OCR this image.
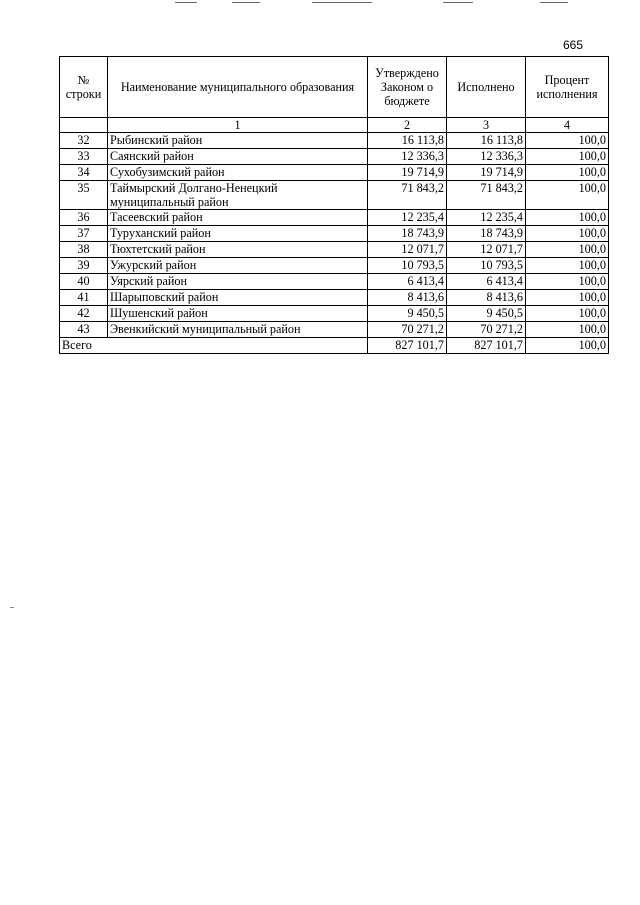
665
№ строки	Наименование муниципального образования	Утверждено Законом о бюджете	Исполнено	Процент исполнения
	1	2	3	4
32	Рыбинский район	16 113,8	16 113,8	100,0
33	Саянский район	12 336,3	12 336,3	100,0
34	Сухобузимский район	19 714,9	19 714,9	100,0
35	Таймырский Долгано-Ненецкий муниципальный район	71 843,2	71 843,2	100,0
36	Тасеевский район	12 235,4	12 235,4	100,0
37	Туруханский район	18 743,9	18 743,9	100,0
38	Тюхтетский район	12 071,7	12 071,7	100,0
39	Ужурский район	10 793,5	10 793,5	100,0
40	Уярский район	6 413,4	6 413,4	100,0
41	Шарыповский район	8 413,6	8 413,6	100,0
42	Шушенский район	9 450,5	9 450,5	100,0
43	Эвенкийский муниципальный район	70 271,2	70 271,2	100,0
Всего		827 101,7	827 101,7	100,0
